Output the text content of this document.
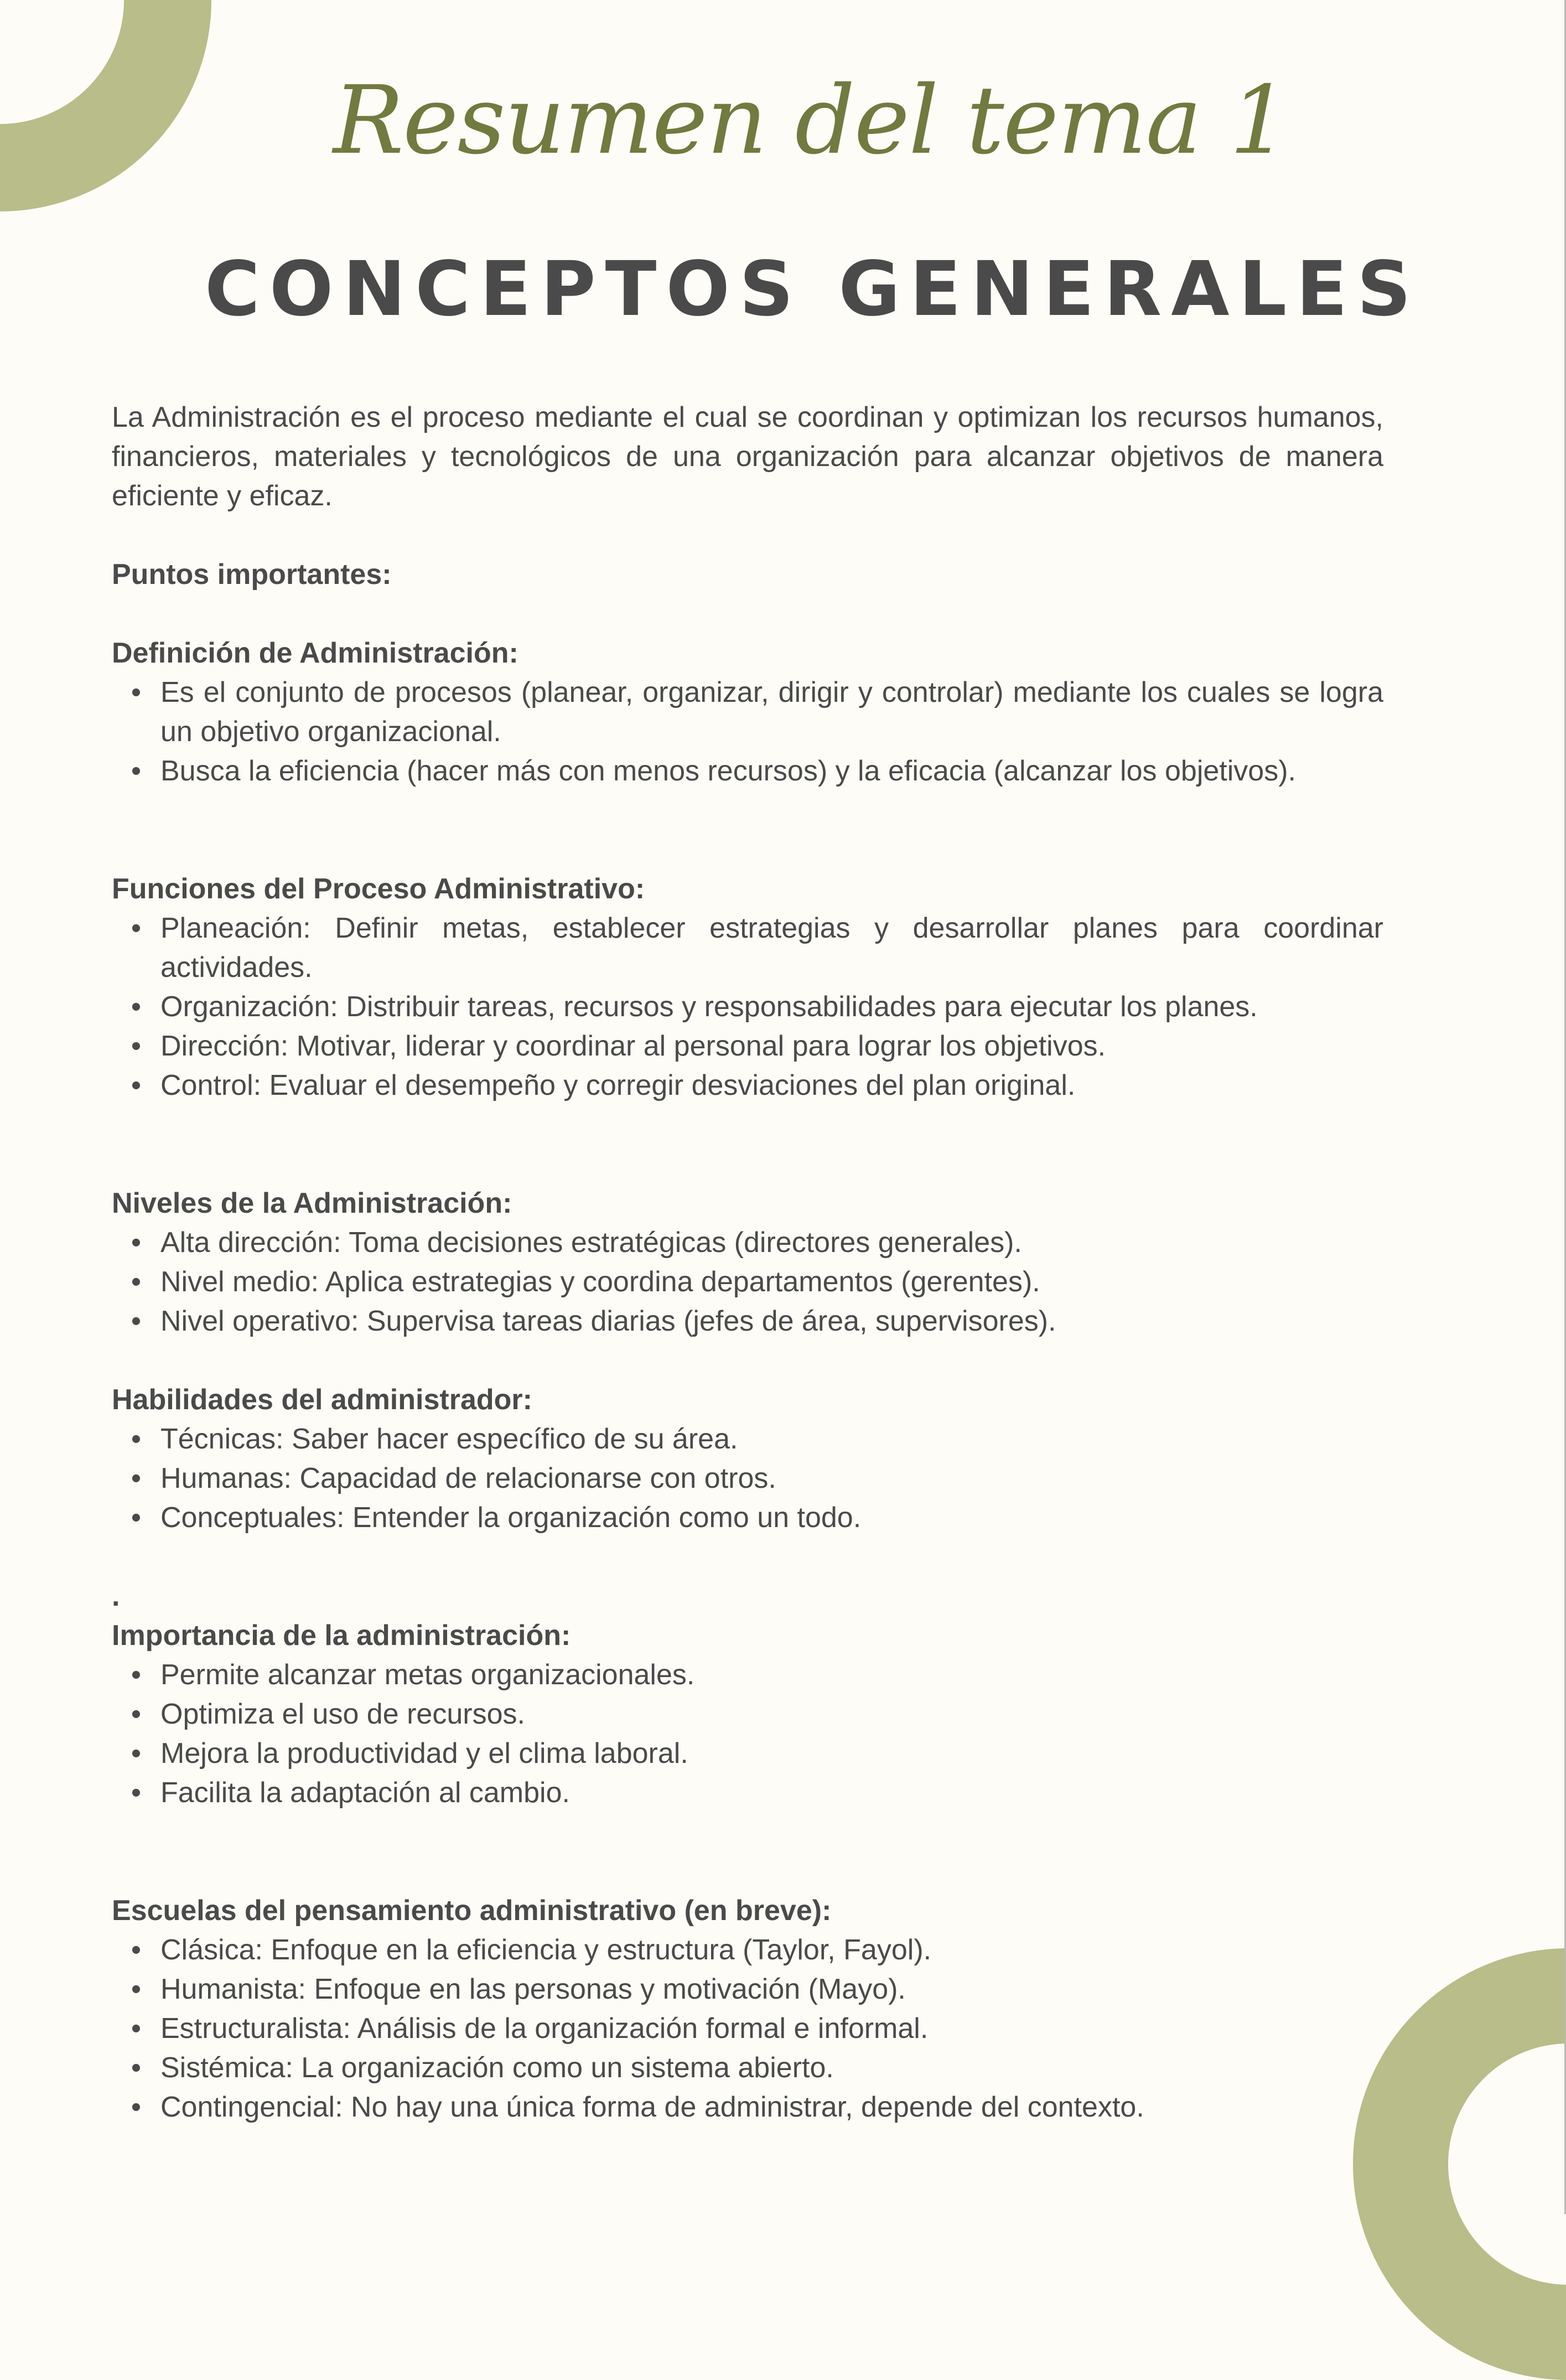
Resumen del tema 1
CONCEPTOS GENERALES

La Administración es el proceso mediante el cual se coordinan y optimizan los recursos humanos, financieros, materiales y tecnológicos de una organización para alcanzar objetivos de manera eficiente y eficaz.

Puntos importantes:

Definición de Administración:

• Es el conjunto de procesos (planear, organizar, dirigir y controlar) mediante los cuales se logra un objetivo organizacional.
• Busca la eficiencia (hacer más con menos recursos) y la eficacia (alcanzar los objetivos).

Funciones del Proceso Administrativo:

• Planeación: Definir metas, establecer estrategias y desarrollar planes para coordinar actividades.
• Organización: Distribuir tareas, recursos y responsabilidades para ejecutar los planes.
• Dirección: Motivar, liderar y coordinar al personal para lograr los objetivos.
• Control: Evaluar el desempeño y corregir desviaciones del plan original.

Niveles de la Administración:

• Alta dirección: Toma decisiones estratégicas (directores generales).
• Nivel medio: Aplica estrategias y coordina departamentos (gerentes).
• Nivel operativo: Supervisa tareas diarias (jefes de área, supervisores).

Habilidades del administrador:

• Técnicas: Saber hacer específico de su área.
• Humanas: Capacidad de relacionarse con otros.
• Conceptuales: Entender la organización como un todo.

.

Importancia de la administración:

• Permite alcanzar metas organizacionales.
• Optimiza el uso de recursos.
• Mejora la productividad y el clima laboral.
• Facilita la adaptación al cambio.

Escuelas del pensamiento administrativo (en breve):

• Clásica: Enfoque en la eficiencia y estructura (Taylor, Fayol).
• Humanista: Enfoque en las personas y motivación (Mayo).
• Estructuralista: Análisis de la organización formal e informal.
• Sistémica: La organización como un sistema abierto.
• Contingencial: No hay una única forma de administrar, depende del contexto.
